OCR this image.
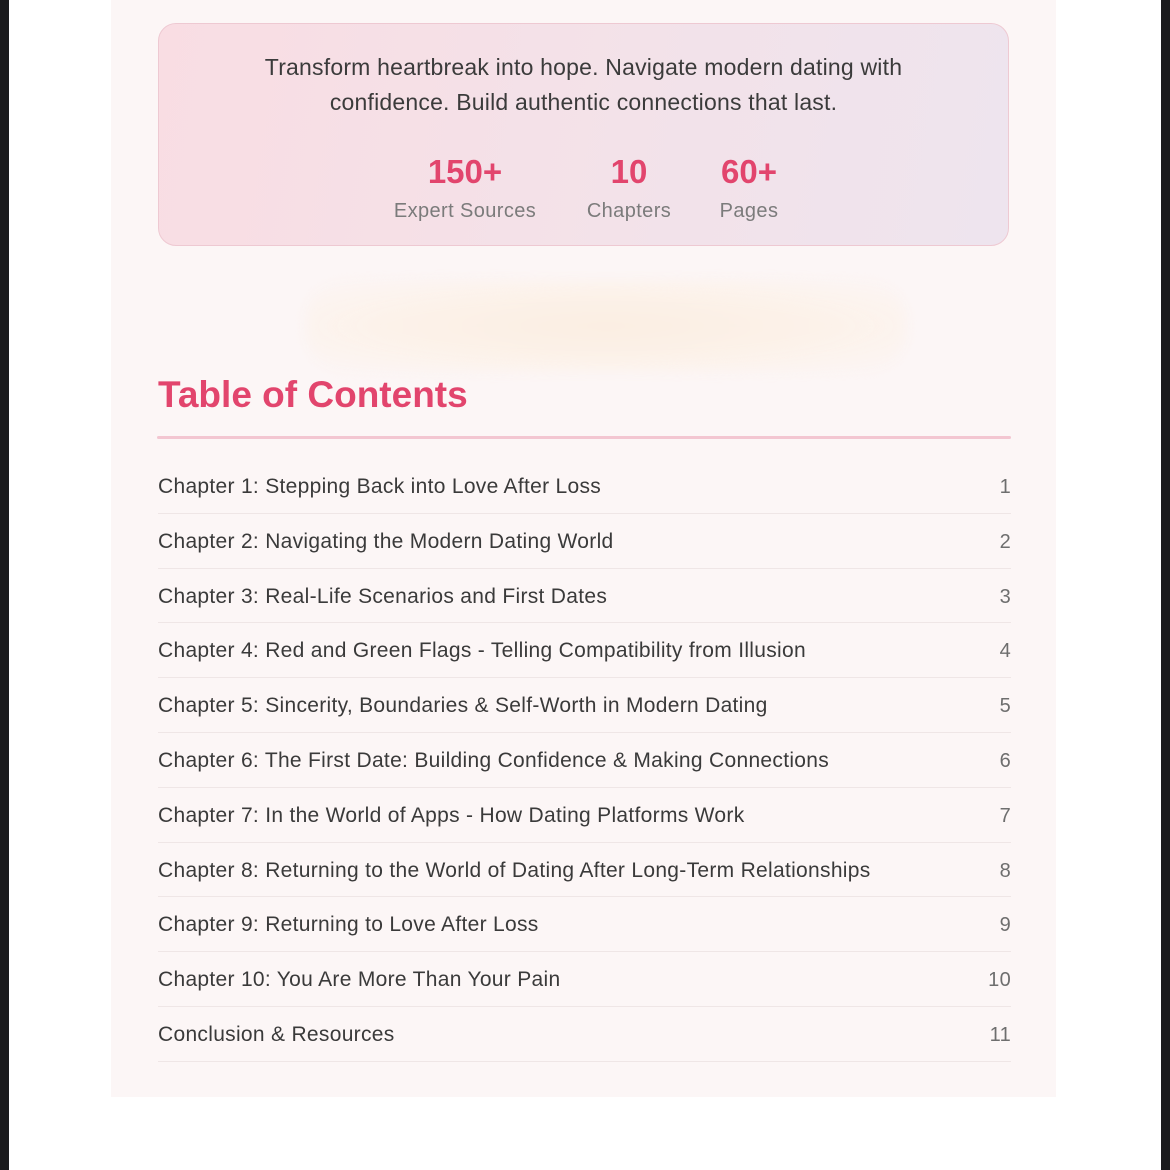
Transform heartbreak into hope. Navigate modern dating with confidence. Build authentic connections that last.
150+
Expert Sources
10
Chapters
60+
Pages
Table of Contents
Chapter 1: Stepping Back into Love After Loss	1
Chapter 2: Navigating the Modern Dating World	2
Chapter 3: Real-Life Scenarios and First Dates	3
Chapter 4: Red and Green Flags - Telling Compatibility from Illusion	4
Chapter 5: Sincerity, Boundaries & Self-Worth in Modern Dating	5
Chapter 6: The First Date: Building Confidence & Making Connections	6
Chapter 7: In the World of Apps - How Dating Platforms Work	7
Chapter 8: Returning to the World of Dating After Long-Term Relationships	8
Chapter 9: Returning to Love After Loss	9
Chapter 10: You Are More Than Your Pain	10
Conclusion & Resources	11
